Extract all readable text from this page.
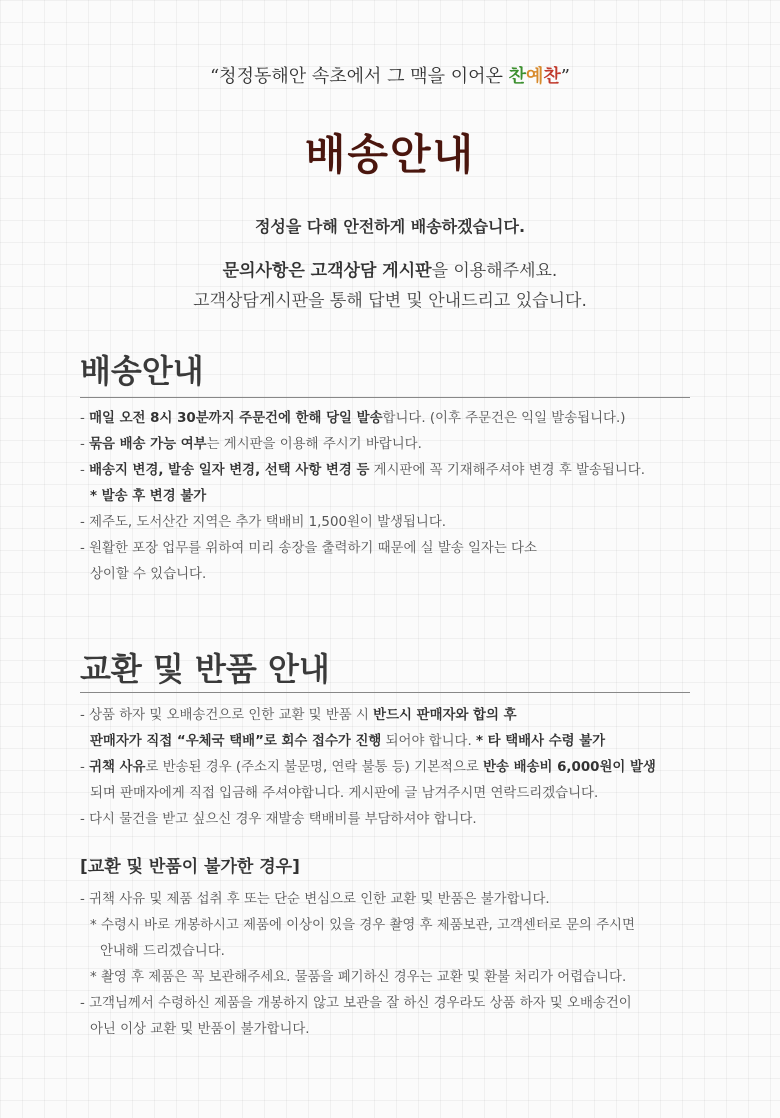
“청정동해안 속초에서 그 맥을 이어온 찬예찬”
배송안내
정성을 다해 안전하게 배송하겠습니다.
문의사항은 고객상담 게시판을 이용해주세요.
고객상담게시판을 통해 답변 및 안내드리고 있습니다.
배송안내
- 매일 오전 8시 30분까지 주문건에 한해 당일 발송합니다. (이후 주문건은 익일 발송됩니다.)
- 묶음 배송 가능 여부는 게시판을 이용해 주시기 바랍니다.
- 배송지 변경, 발송 일자 변경, 선택 사항 변경 등 게시판에 꼭 기재해주셔야 변경 후 발송됩니다.
* 발송 후 변경 불가
- 제주도, 도서산간 지역은 추가 택배비 1,500원이 발생됩니다.
- 원활한 포장 업무를 위하여 미리 송장을 출력하기 때문에 실 발송 일자는 다소
상이할 수 있습니다.
교환 및 반품 안내
- 상품 하자 및 오배송건으로 인한 교환 및 반품 시 반드시 판매자와 합의 후
판매자가 직접 “우체국 택배”로 회수 접수가 진행 되어야 합니다. * 타 택배사 수령 불가
- 귀책 사유로 반송된 경우 (주소지 불문명, 연락 불통 등) 기본적으로 반송 배송비 6,000원이 발생
되며 판매자에게 직접 입금해 주셔야합니다. 게시판에 글 남겨주시면 연락드리겠습니다.
- 다시 물건을 받고 싶으신 경우 재발송 택배비를 부담하셔야 합니다.
[교환 및 반품이 불가한 경우]
- 귀책 사유 및 제품 섭취 후 또는 단순 변심으로 인한 교환 및 반품은 불가합니다.
* 수령시 바로 개봉하시고 제품에 이상이 있을 경우 촬영 후 제품보관, 고객센터로 문의 주시면
안내해 드리겠습니다.
* 촬영 후 제품은 꼭 보관해주세요. 물품을 폐기하신 경우는 교환 및 환불 처리가 어렵습니다.
- 고객님께서 수령하신 제품을 개봉하지 않고 보관을 잘 하신 경우라도 상품 하자 및 오배송건이
아닌 이상 교환 및 반품이 불가합니다.
